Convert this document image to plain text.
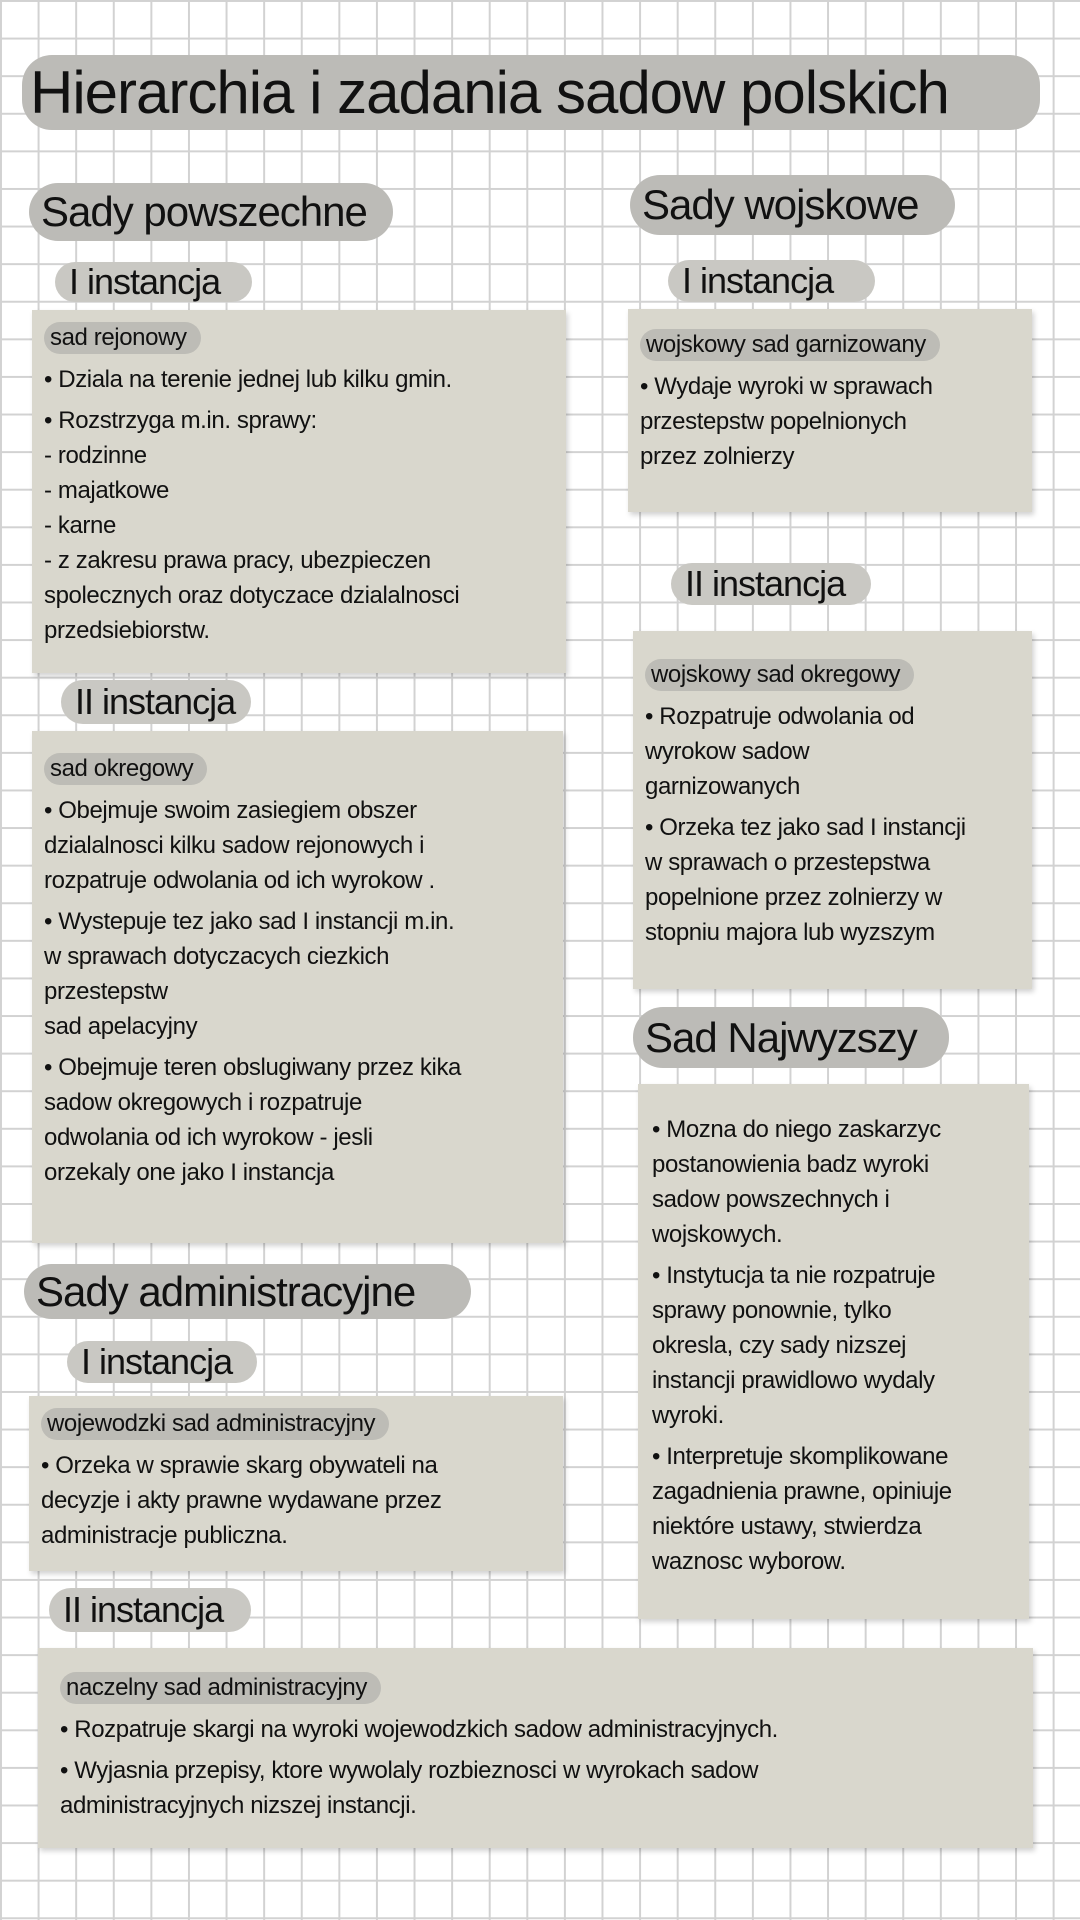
Hierarchia i zadania sadow polskich
Sady powszechne
I instancja
sad rejonowy
• Dziala na terenie jednej lub kilku gmin.
• Rozstrzyga m.in. sprawy:
- rodzinne
- majatkowe
- karne
- z zakresu prawa pracy, ubezpieczen
spolecznych oraz dotyczace dzialalnosci
przedsiebiorstw.
II instancja
sad okregowy
• Obejmuje swoim zasiegiem obszer
dzialalnosci kilku sadow rejonowych i
rozpatruje odwolania od ich wyrokow .
• Wystepuje tez jako sad I instancji m.in.
w sprawach dotyczacych ciezkich
przestepstw
sad apelacyjny
• Obejmuje teren obslugiwany przez kika
sadow okregowych i rozpatruje
odwolania od ich wyrokow - jesli
orzekaly one jako I instancja
Sady administracyjne
I instancja
wojewodzki sad administracyjny
• Orzeka w sprawie skarg obywateli na
decyzje i akty prawne wydawane przez
administracje publiczna.
II instancja
naczelny sad administracyjny
• Rozpatruje skargi na wyroki wojewodzkich sadow administracyjnych.
• Wyjasnia przepisy, ktore wywolaly rozbieznosci w wyrokach sadow
administracyjnych nizszej instancji.
Sady wojskowe
I instancja
wojskowy sad garnizowany
• Wydaje wyroki w sprawach
przestepstw popelnionych
przez zolnierzy
II instancja
wojskowy sad okregowy
• Rozpatruje odwolania od
wyrokow sadow
garnizowanych
• Orzeka tez jako sad I instancji
w sprawach o przestepstwa
popelnione przez zolnierzy w
stopniu majora lub wyzszym
Sad Najwyzszy
• Mozna do niego zaskarzyc
postanowienia badz wyroki
sadow powszechnych i
wojskowych.
• Instytucja ta nie rozpatruje
sprawy ponownie, tylko
okresla, czy sady nizszej
instancji prawidlowo wydaly
wyroki.
• Interpretuje skomplikowane
zagadnienia prawne, opiniuje
niektóre ustawy, stwierdza
waznosc wyborow.
